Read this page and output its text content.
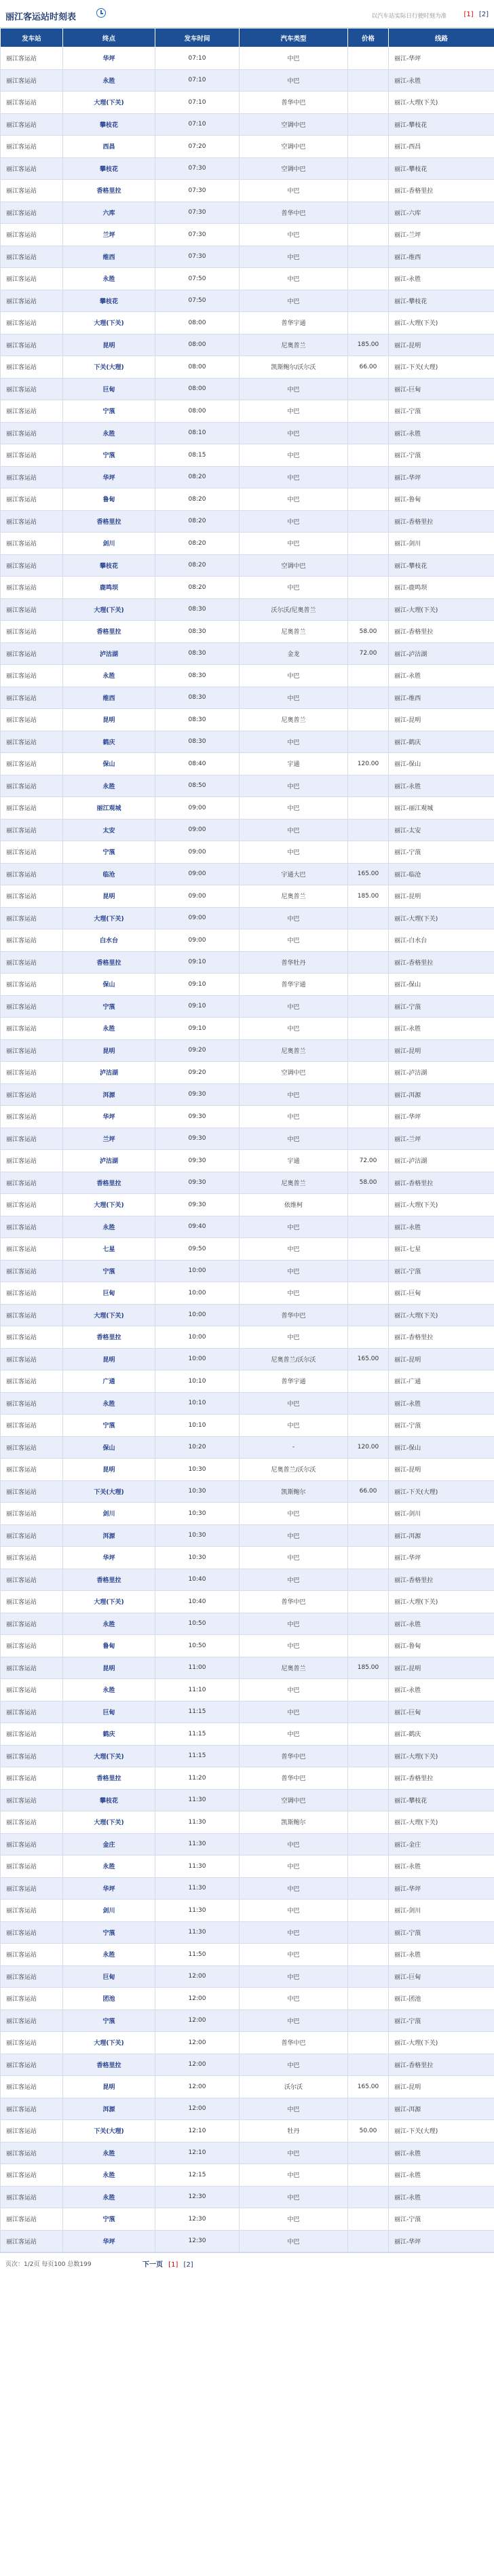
丽江客运站时刻表	以汽车站实际日行驶时刻为准	[1] [2]
发车站	终点	发车时间	汽车类型	价格	线路
丽江客运站	华坪	07:10	中巴		丽江-华坪
丽江客运站	永胜	07:10	中巴		丽江-永胜
丽江客运站	大理(下关)	07:10	普华中巴		丽江-大理(下关)
丽江客运站	攀枝花	07:10	空调中巴		丽江-攀枝花
丽江客运站	西昌	07:20	空调中巴		丽江-西昌
丽江客运站	攀枝花	07:30	空调中巴		丽江-攀枝花
丽江客运站	香格里拉	07:30	中巴		丽江-香格里拉
丽江客运站	六库	07:30	普华中巴		丽江-六库
丽江客运站	兰坪	07:30	中巴		丽江-兰坪
丽江客运站	维西	07:30	中巴		丽江-维西
丽江客运站	永胜	07:50	中巴		丽江-永胜
丽江客运站	攀枝花	07:50	中巴		丽江-攀枝花
丽江客运站	大理(下关)	08:00	普华宇通		丽江-大理(下关)
丽江客运站	昆明	08:00	尼奥普兰	185.00	丽江-昆明
丽江客运站	下关(大理)	08:00	凯斯鲍尔/沃尔沃	66.00	丽江-下关(大理)
丽江客运站	巨甸	08:00	中巴		丽江-巨甸
丽江客运站	宁蒗	08:00	中巴		丽江-宁蒗
丽江客运站	永胜	08:10	中巴		丽江-永胜
丽江客运站	宁蒗	08:15	中巴		丽江-宁蒗
丽江客运站	华坪	08:20	中巴		丽江-华坪
丽江客运站	鲁甸	08:20	中巴		丽江-鲁甸
丽江客运站	香格里拉	08:20	中巴		丽江-香格里拉
丽江客运站	剑川	08:20	中巴		丽江-剑川
丽江客运站	攀枝花	08:20	空调中巴		丽江-攀枝花
丽江客运站	鹿鸣坝	08:20	中巴		丽江-鹿鸣坝
丽江客运站	大理(下关)	08:30	沃尔沃/尼奥普兰		丽江-大理(下关)
丽江客运站	香格里拉	08:30	尼奥普兰	58.00	丽江-香格里拉
丽江客运站	泸沽湖	08:30	金龙	72.00	丽江-泸沽湖
丽江客运站	永胜	08:30	中巴		丽江-永胜
丽江客运站	维西	08:30	中巴		丽江-维西
丽江客运站	昆明	08:30	尼奥普兰		丽江-昆明
丽江客运站	鹤庆	08:30	中巴		丽江-鹤庆
丽江客运站	保山	08:40	宇通	120.00	丽江-保山
丽江客运站	永胜	08:50	中巴		丽江-永胜
丽江客运站	丽江观城	09:00	中巴		丽江-丽江观城
丽江客运站	太安	09:00	中巴		丽江-太安
丽江客运站	宁蒗	09:00	中巴		丽江-宁蒗
丽江客运站	临沧	09:00	宇通大巴	165.00	丽江-临沧
丽江客运站	昆明	09:00	尼奥普兰	185.00	丽江-昆明
丽江客运站	大理(下关)	09:00	中巴		丽江-大理(下关)
丽江客运站	白水台	09:00	中巴		丽江-白水台
丽江客运站	香格里拉	09:10	普华牡丹		丽江-香格里拉
丽江客运站	保山	09:10	普华宇通		丽江-保山
丽江客运站	宁蒗	09:10	中巴		丽江-宁蒗
丽江客运站	永胜	09:10	中巴		丽江-永胜
丽江客运站	昆明	09:20	尼奥普兰		丽江-昆明
丽江客运站	泸沽湖	09:20	空调中巴		丽江-泸沽湖
丽江客运站	洱源	09:30	中巴		丽江-洱源
丽江客运站	华坪	09:30	中巴		丽江-华坪
丽江客运站	兰坪	09:30	中巴		丽江-兰坪
丽江客运站	泸沽湖	09:30	宇通	72.00	丽江-泸沽湖
丽江客运站	香格里拉	09:30	尼奥普兰	58.00	丽江-香格里拉
丽江客运站	大理(下关)	09:30	依维柯		丽江-大理(下关)
丽江客运站	永胜	09:40	中巴		丽江-永胜
丽江客运站	七星	09:50	中巴		丽江-七星
丽江客运站	宁蒗	10:00	中巴		丽江-宁蒗
丽江客运站	巨甸	10:00	中巴		丽江-巨甸
丽江客运站	大理(下关)	10:00	普华中巴		丽江-大理(下关)
丽江客运站	香格里拉	10:00	中巴		丽江-香格里拉
丽江客运站	昆明	10:00	尼奥普兰/沃尔沃	165.00	丽江-昆明
丽江客运站	广通	10:10	普华宇通		丽江-广通
丽江客运站	永胜	10:10	中巴		丽江-永胜
丽江客运站	宁蒗	10:10	中巴		丽江-宁蒗
丽江客运站	保山	10:20	-	120.00	丽江-保山
丽江客运站	昆明	10:30	尼奥普兰/沃尔沃		丽江-昆明
丽江客运站	下关(大理)	10:30	凯斯鲍尔	66.00	丽江-下关(大理)
丽江客运站	剑川	10:30	中巴		丽江-剑川
丽江客运站	洱源	10:30	中巴		丽江-洱源
丽江客运站	华坪	10:30	中巴		丽江-华坪
丽江客运站	香格里拉	10:40	中巴		丽江-香格里拉
丽江客运站	大理(下关)	10:40	普华中巴		丽江-大理(下关)
丽江客运站	永胜	10:50	中巴		丽江-永胜
丽江客运站	鲁甸	10:50	中巴		丽江-鲁甸
丽江客运站	昆明	11:00	尼奥普兰	185.00	丽江-昆明
丽江客运站	永胜	11:10	中巴		丽江-永胜
丽江客运站	巨甸	11:15	中巴		丽江-巨甸
丽江客运站	鹤庆	11:15	中巴		丽江-鹤庆
丽江客运站	大理(下关)	11:15	普华中巴		丽江-大理(下关)
丽江客运站	香格里拉	11:20	普华中巴		丽江-香格里拉
丽江客运站	攀枝花	11:30	空调中巴		丽江-攀枝花
丽江客运站	大理(下关)	11:30	凯斯鲍尔		丽江-大理(下关)
丽江客运站	金庄	11:30	中巴		丽江-金庄
丽江客运站	永胜	11:30	中巴		丽江-永胜
丽江客运站	华坪	11:30	中巴		丽江-华坪
丽江客运站	剑川	11:30	中巴		丽江-剑川
丽江客运站	宁蒗	11:30	中巴		丽江-宁蒗
丽江客运站	永胜	11:50	中巴		丽江-永胜
丽江客运站	巨甸	12:00	中巴		丽江-巨甸
丽江客运站	团池	12:00	中巴		丽江-团池
丽江客运站	宁蒗	12:00	中巴		丽江-宁蒗
丽江客运站	大理(下关)	12:00	普华中巴		丽江-大理(下关)
丽江客运站	香格里拉	12:00	中巴		丽江-香格里拉
丽江客运站	昆明	12:00	沃尔沃	165.00	丽江-昆明
丽江客运站	洱源	12:00	中巴		丽江-洱源
丽江客运站	下关(大理)	12:10	牡丹	50.00	丽江-下关(大理)
丽江客运站	永胜	12:10	中巴		丽江-永胜
丽江客运站	永胜	12:15	中巴		丽江-永胜
丽江客运站	永胜	12:30	中巴		丽江-永胜
丽江客运站	宁蒗	12:30	中巴		丽江-宁蒗
丽江客运站	华坪	12:30	中巴		丽江-华坪
页次：1/2页 每页100 总数199	下一页 [1] [2]
